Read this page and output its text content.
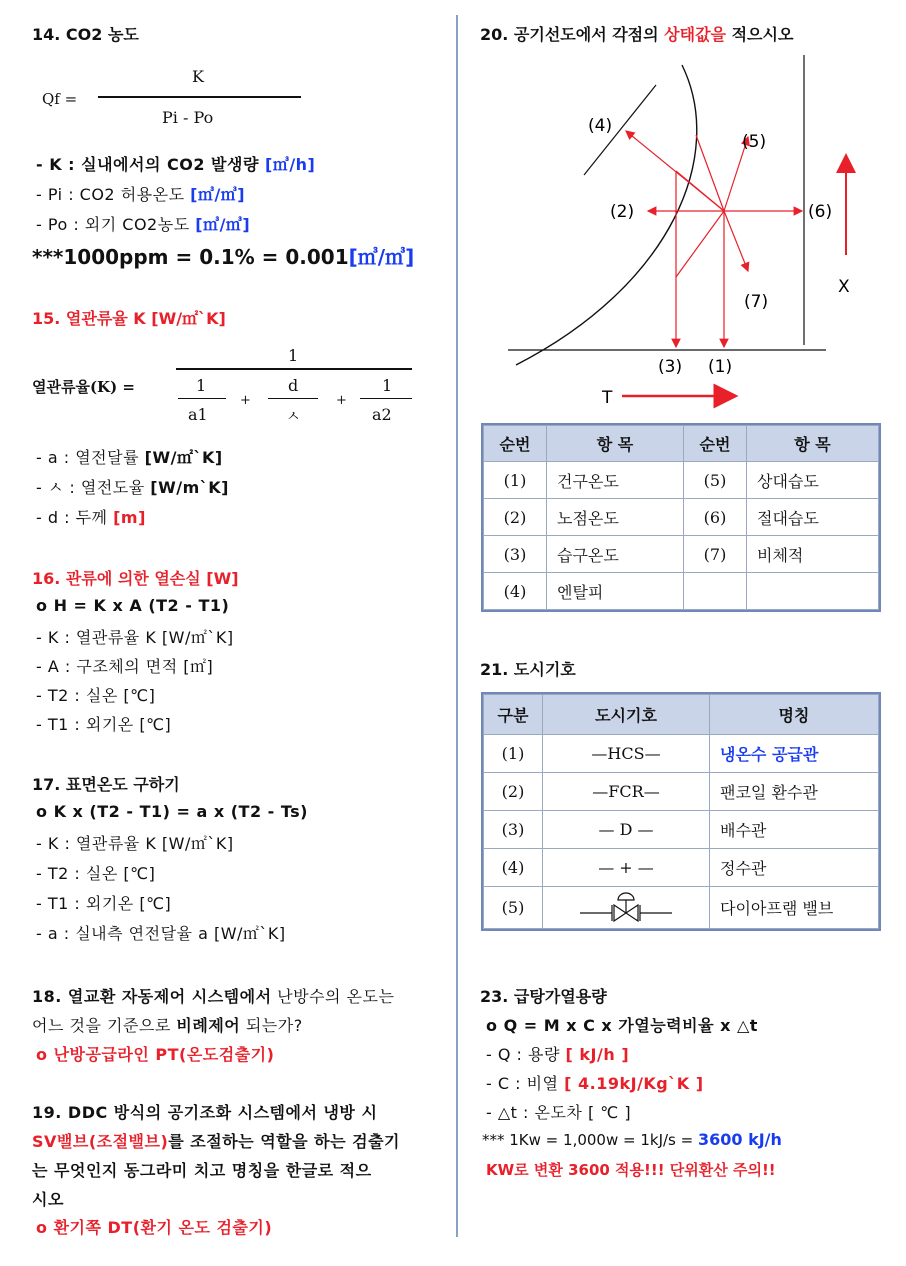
14. CO2 농도
Qf =
K
Pi - Po
- K : 실내에서의 CO2 발생량 [㎥/h]
- Pi : CO2 허용온도 [㎥/㎥]
- Po : 외기 CO2농도 [㎥/㎥]
***1000ppm = 0.1% = 0.001[㎥/㎥]
15. 열관류율 K [W/㎡`K]
1
열관류율(K) =	1
a1
+
d
ㅅ
+
1
a2
- a : 열전달률 [W/㎡`K]
- ㅅ : 열전도율 [W/m`K]
- d : 두께 [m]
16. 관류에 의한 열손실 [W]
o H = K x A (T2 - T1)
- K : 열관류율 K [W/㎡`K]
- A : 구조체의 면적 [㎡]
- T2 : 실온 [℃]
- T1 : 외기온 [℃]
17. 표면온도 구하기
o K x (T2 - T1) = a x (T2 - Ts)
- K : 열관류율 K [W/㎡`K]
- T2 : 실온 [℃]
- T1 : 외기온 [℃]
- a : 실내측 연전달율 a [W/㎡`K]
18. 열교환 자동제어 시스템에서 난방수의 온도는
어느 것을 기준으로 비례제어 되는가?
o 난방공급라인 PT(온도검출기)
19. DDC 방식의 공기조화 시스템에서 냉방 시
SV밸브(조절밸브)를 조절하는 역할을 하는 검출기
는 무엇인지 동그라미 치고 명칭을 한글로 적으
시오
o 환기쪽 DT(환기 온도 검출기)
20. 공기선도에서 각점의 상태값을 적으시오
(4)
(5)
(2)	(6)
(7)
(3) (1)
X
T
순번	항 목	순번	항 목
(1)	건구온도	(5)	상대습도
(2)	노점온도	(6)	절대습도
(3)	습구온도	(7)	비체적
(4)	엔탈피		
21. 도시기호
구분	도시기호	명칭
(1)	—HCS—	냉온수 공급관
(2)	—FCR—	팬코일 환수관
(3)	— D —	배수관
(4)	— + —	정수관
(5)		다이아프램 밸브
23. 급탕가열용량
o Q = M x C x 가열능력비율 x △t
- Q : 용량 [ kJ/h ]
- C : 비열 [ 4.19kJ/Kg`K ]
- △t : 온도차 [ ℃ ]
*** 1Kw = 1,000w = 1kJ/s = 3600 kJ/h
KW로 변환 3600 적용!!! 단위환산 주의!!
